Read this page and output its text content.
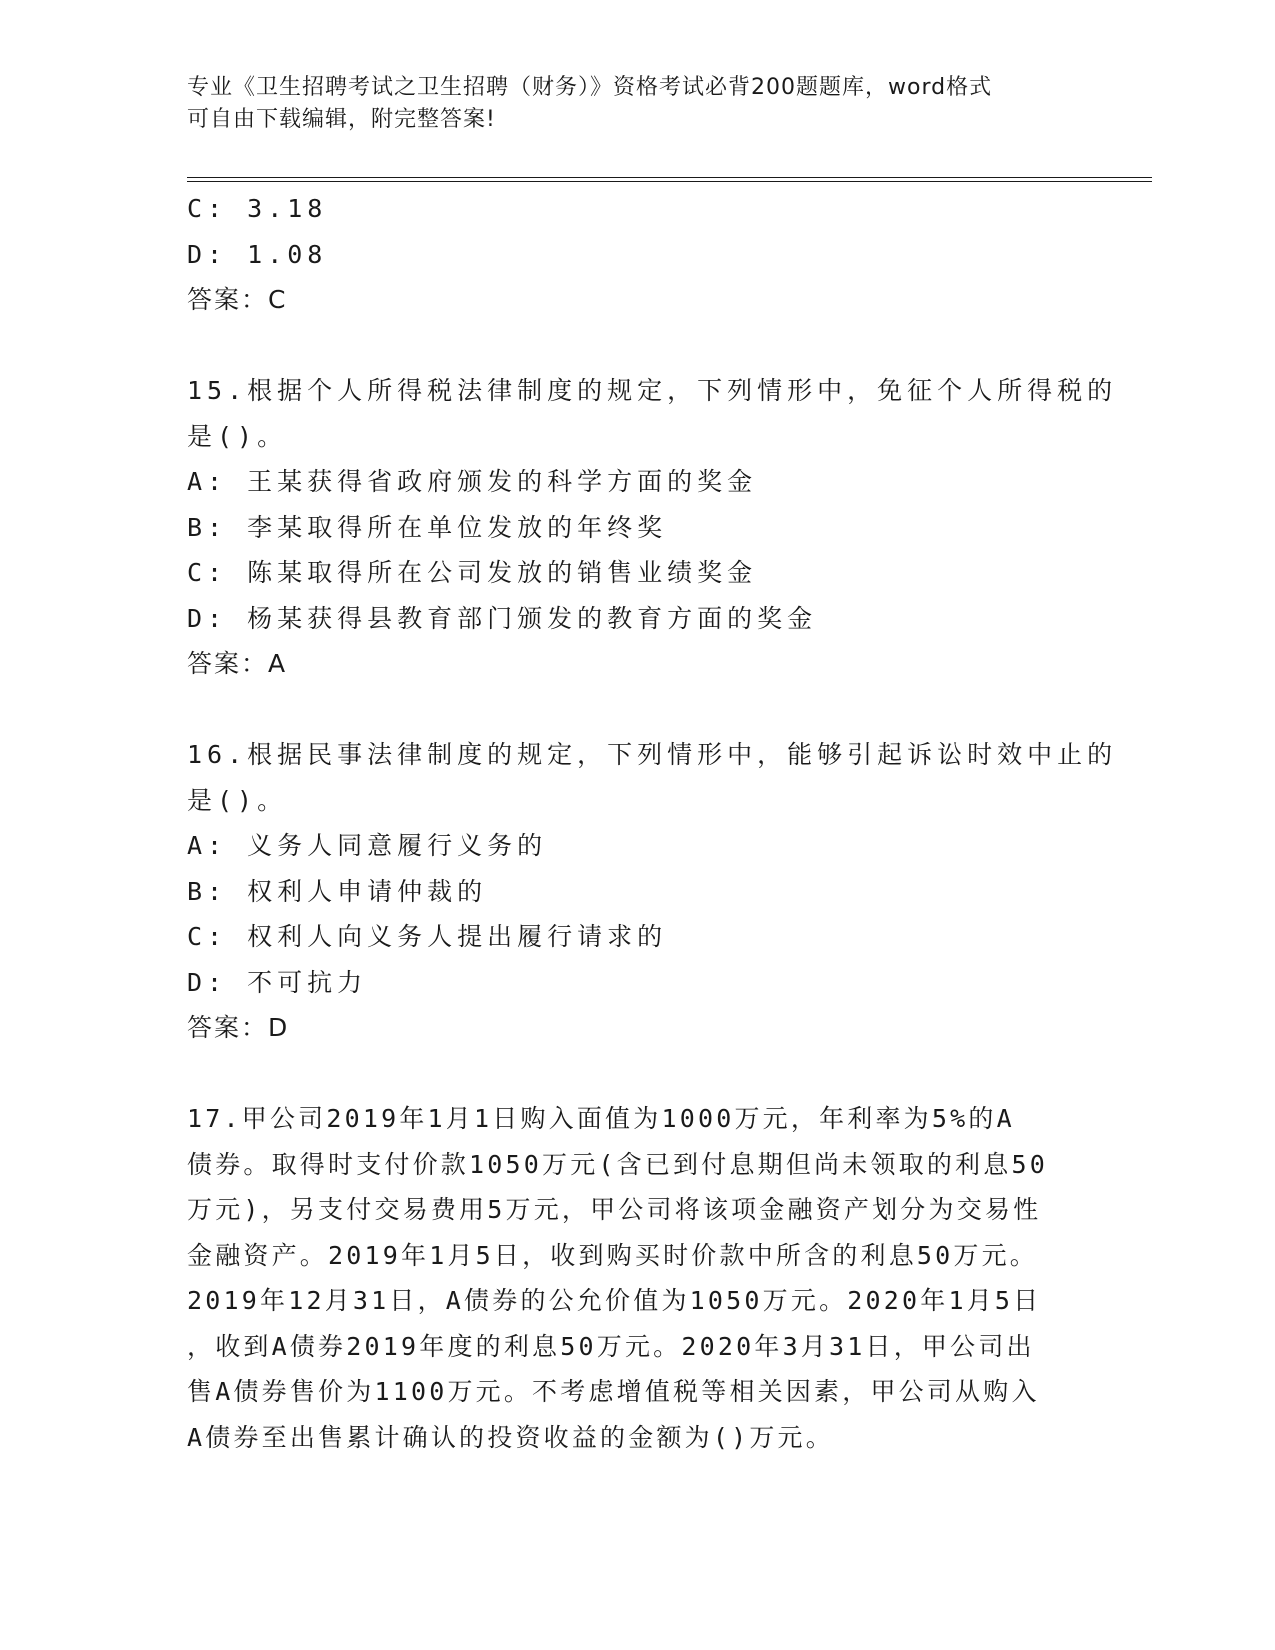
专业《卫生招聘考试之卫生招聘（财务）》资格考试必背200题题库，word格式
可自由下载编辑，附完整答案!
C: 3.18
D: 1.08
答案：C
15.根据个人所得税法律制度的规定，下列情形中，免征个人所得税的
是()。
A: 王某获得省政府颁发的科学方面的奖金
B: 李某取得所在单位发放的年终奖
C: 陈某取得所在公司发放的销售业绩奖金
D: 杨某获得县教育部门颁发的教育方面的奖金
答案：A
16.根据民事法律制度的规定，下列情形中，能够引起诉讼时效中止的
是()。
A: 义务人同意履行义务的
B: 权利人申请仲裁的
C: 权利人向义务人提出履行请求的
D: 不可抗力
答案：D
17.甲公司2019年1月1日购入面值为1000万元，年利率为5%的A
债券。取得时支付价款1050万元(含已到付息期但尚未领取的利息50
万元)，另支付交易费用5万元，甲公司将该项金融资产划分为交易性
金融资产。2019年1月5日，收到购买时价款中所含的利息50万元。
2019年12月31日，A债券的公允价值为1050万元。2020年1月5日
，收到A债券2019年度的利息50万元。2020年3月31日，甲公司出
售A债券售价为1100万元。不考虑增值税等相关因素，甲公司从购入
A债券至出售累计确认的投资收益的金额为()万元。
